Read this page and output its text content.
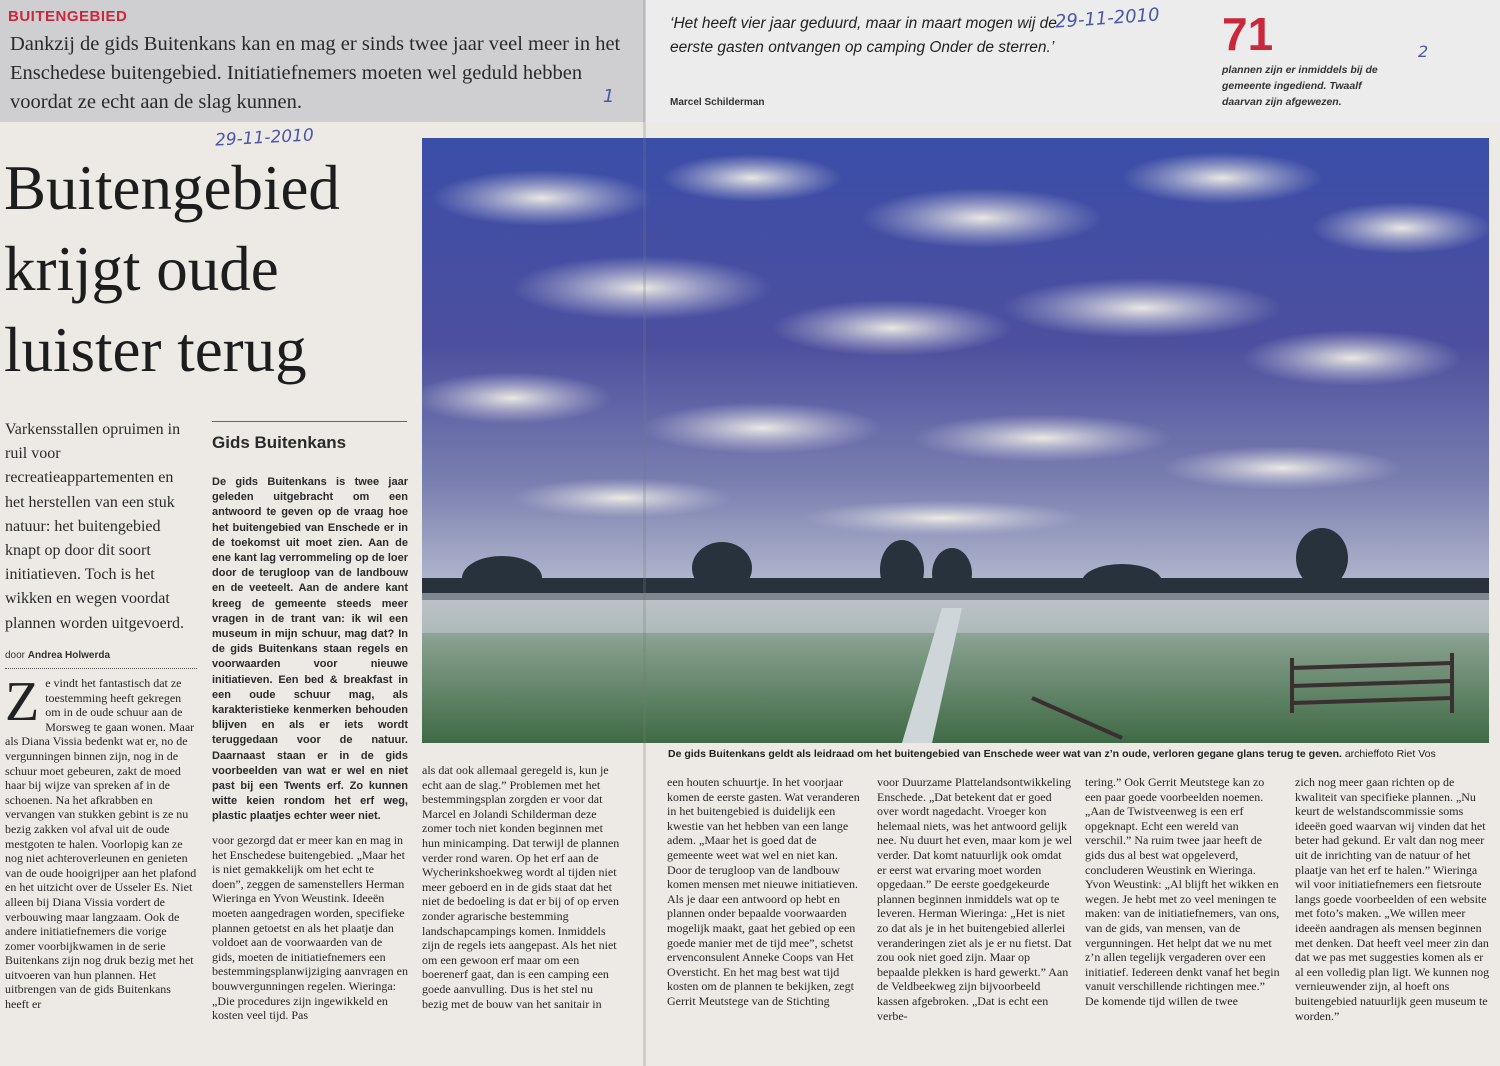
BUITENGEBIED
Dankzij de gids Buitenkans kan en mag er sinds twee jaar veel meer in het Enschedese buitengebied. Initiatiefnemers moeten wel geduld hebben voordat ze echt aan de slag kunnen.
‘Het heeft vier jaar geduurd, maar in maart mogen wij de eerste gasten ontvangen op camping Onder de sterren.’
Marcel Schilderman
71
plannen zijn er inmiddels bij de gemeente ingediend. Twaalf daarvan zijn afgewezen.
29-11-2010
29-11-2010
2
1
Buitengebied krijgt oude luister terug
Varkensstallen opruimen in ruil voor recreatieappartementen en het herstellen van een stuk natuur: het buitengebied knapt op door dit soort initiatieven. Toch is het wikken en wegen voordat plannen worden uitgevoerd.
door Andrea Holwerda
Gids Buitenkans
De gids Buitenkans is twee jaar geleden uitgebracht om een antwoord te geven op de vraag hoe het buitengebied van Enschede er in de toekomst uit moet zien. Aan de ene kant lag verrommeling op de loer door de terugloop van de landbouw en de veeteelt. Aan de andere kant kreeg de gemeente steeds meer vragen in de trant van: ik wil een museum in mijn schuur, mag dat? In de gids Buitenkans staan regels en voorwaarden voor nieuwe initiatieven. Een bed & breakfast in een oude schuur mag, als karakteristieke kenmerken behouden blijven en als er iets wordt teruggedaan voor de natuur. Daarnaast staan er in de gids voorbeelden van wat er wel en niet past bij een Twents erf. Zo kunnen witte keien rondom het erf weg, plastic plaatjes echter weer niet.
Ze vindt het fantastisch dat ze toestemming heeft gekregen om in de oude schuur aan de Morsweg te gaan wonen. Maar als Diana Vissia bedenkt wat er, no de vergunningen binnen zijn, nog in de schuur moet gebeuren, zakt de moed haar bij wijze van spreken af in de schoenen. Na het afkrabben en vervangen van stukken gebint is ze nu bezig zakken vol afval uit de oude mestgoten te halen. Voorlopig kan ze nog niet achteroverleunen en genieten van de oude hooigrijper aan het plafond en het uitzicht over de Usseler Es. Niet alleen bij Diana Vissia vordert de verbouwing maar langzaam. Ook de andere initiatiefnemers die vorige zomer voorbijkwamen in de serie Buitenkans zijn nog druk bezig met het uitvoeren van hun plannen. Het uitbrengen van de gids Buitenkans heeft er
voor gezorgd dat er meer kan en mag in het Enschedese buitengebied. „Maar het is niet gemakkelijk om het echt te doen”, zeggen de samenstellers Herman Wieringa en Yvon Weustink. Ideeën moeten aangedragen worden, specifieke plannen getoetst en als het plaatje dan voldoet aan de voorwaarden van de gids, moeten de initiatiefnemers een bestemmingsplanwijziging aanvragen en bouwvergunningen regelen. Wieringa: „Die procedures zijn ingewikkeld en kosten veel tijd. Pas
als dat ook allemaal geregeld is, kun je echt aan de slag.” Problemen met het bestemmingsplan zorgden er voor dat Marcel en Jolandi Schilderman deze zomer toch niet konden beginnen met hun minicamping. Dat terwijl de plannen verder rond waren. Op het erf aan de Wycherinkshoekweg wordt al tijden niet meer geboerd en in de gids staat dat het niet de bedoeling is dat er bij of op erven zonder agrarische bestemming landschapcampings komen. Inmiddels zijn de regels iets aangepast. Als het niet om een gewoon erf maar om een boerenerf gaat, dan is een camping een goede aanvulling. Dus is het stel nu bezig met de bouw van het sanitair in
een houten schuurtje. In het voorjaar komen de eerste gasten. Wat veranderen in het buitengebied is duidelijk een kwestie van het hebben van een lange adem. „Maar het is goed dat de gemeente weet wat wel en niet kan. Door de terugloop van de landbouw komen mensen met nieuwe initiatieven. Als je daar een antwoord op hebt en plannen onder bepaalde voorwaarden mogelijk maakt, gaat het gebied op een goede manier met de tijd mee”, schetst ervenconsulent Anneke Coops van Het Oversticht. En het mag best wat tijd kosten om de plannen te bekijken, zegt Gerrit Meutstege van de Stichting
voor Duurzame Plattelandsontwikkeling Enschede. „Dat betekent dat er goed over wordt nagedacht. Vroeger kon helemaal niets, was het antwoord gelijk nee. Nu duurt het even, maar kom je wel verder. Dat komt natuurlijk ook omdat er eerst wat ervaring moet worden opgedaan.” De eerste goedgekeurde plannen beginnen inmiddels wat op te leveren. Herman Wieringa: „Het is niet zo dat als je in het buitengebied allerlei veranderingen ziet als je er nu fietst. Dat zou ook niet goed zijn. Maar op bepaalde plekken is hard gewerkt.” Aan de Veldbeekweg zijn bijvoorbeeld kassen afgebroken. „Dat is echt een verbe-
tering.” Ook Gerrit Meutstege kan zo een paar goede voorbeelden noemen. „Aan de Twistveenweg is een erf opgeknapt. Echt een wereld van verschil.” Na ruim twee jaar heeft de gids dus al best wat opgeleverd, concluderen Weustink en Wieringa. Yvon Weustink: „Al blijft het wikken en wegen. Je hebt met zo veel meningen te maken: van de initiatiefnemers, van ons, van de gids, van mensen, van de vergunningen. Het helpt dat we nu met z’n allen tegelijk vergaderen over een initiatief. Iedereen denkt vanaf het begin vanuit verschillende richtingen mee.” De komende tijd willen de twee
zich nog meer gaan richten op de kwaliteit van specifieke plannen. „Nu keurt de welstandscommissie soms ideeën goed waarvan wij vinden dat het beter had gekund. Er valt dan nog meer uit de inrichting van de natuur of het plaatje van het erf te halen.” Wieringa wil voor initiatiefnemers een fietsroute langs goede voorbeelden of een website met foto’s maken. „We willen meer ideeën aandragen als mensen beginnen met denken. Dat heeft veel meer zin dan dat we pas met suggesties komen als er al een volledig plan ligt. We kunnen nog vernieuwender zijn, al hoeft ons buitengebied natuurlijk geen museum te worden.”
De gids Buitenkans geldt als leidraad om het buitengebied van Enschede weer wat van z’n oude, verloren gegane glans terug te geven. archieffoto Riet Vos
